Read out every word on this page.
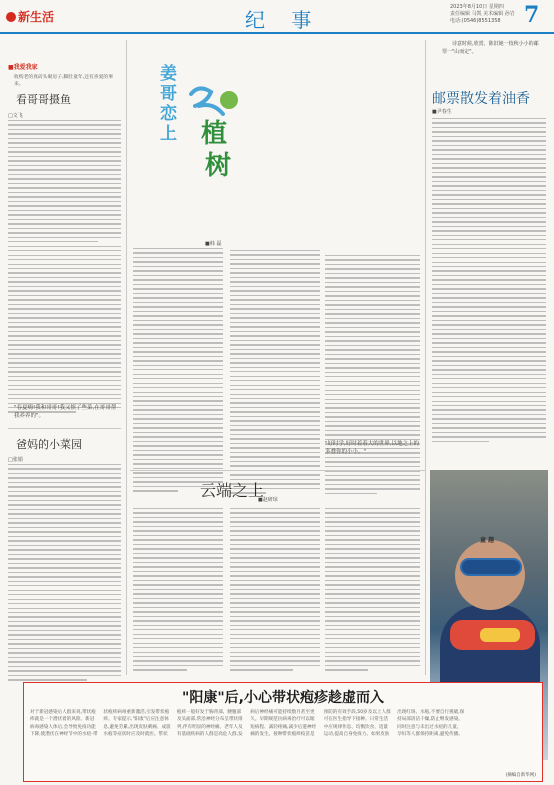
新生活	纪 事
2023年8月10日 星期四
责任编辑 马凯 美术编辑 孙岩
电话:(0546)8551358	7
■我爱我家
收购老的真砖头砌房子,脚肚童年,还有喜爱的事来。
看哥哥摄鱼
□文飞
"春夏嗨!我和哥哥!我又慎了些菜,在哥哥帮我养养的"。
爸妈的小菜园
□张娟
姜哥恋上 植
树
■韩 磊
云端之上
■赵研琼

诗意时候,欣赏、陈旧她一枝秋小小的邮票一"山而定"。

邮票散发着油香
■尹春生
"好时学,好时着着大的世界,以地之上的多叠你的小小。"
童 趣
"阳康"后,小心带状疱疹趁虚而入
对于新冠感染后人群来说,带状疱疹就是一个潜伏着的风险。新冠病毒感染人体后,会导致免疫功能下降,使潜伏在神经节中的水痘-带状疱疹病毒重新激活,引发带状疱疹。专家提示,"阳康"后应注意休息,避免劳累,出现皮肤刺痛、成簇水疱等症状时应及时就医。带状疱疹一般好发于胸背部、腰腹部及头面部,常沿神经分布呈带状排列,伴有明显的神经痛。老年人及有基础疾病的人群是高危人群,发病后神经痛可能持续数月甚至更久。早期规范抗病毒治疗可以缩短病程、减轻疼痛,减少后遗神经痛的发生。接种带状疱疹疫苗是预防的有效手段,50岁及以上人群可在医生指导下接种。日常生活中应规律作息、均衡饮食、适量运动,提高自身免疫力。如果皮肤出现红斑、水疱,不要自行挑破,保持局部清洁干燥,防止继发感染。同时注意与未出过水痘的儿童、孕妇等人群保持距离,避免传播。
(摘编自新华网)
